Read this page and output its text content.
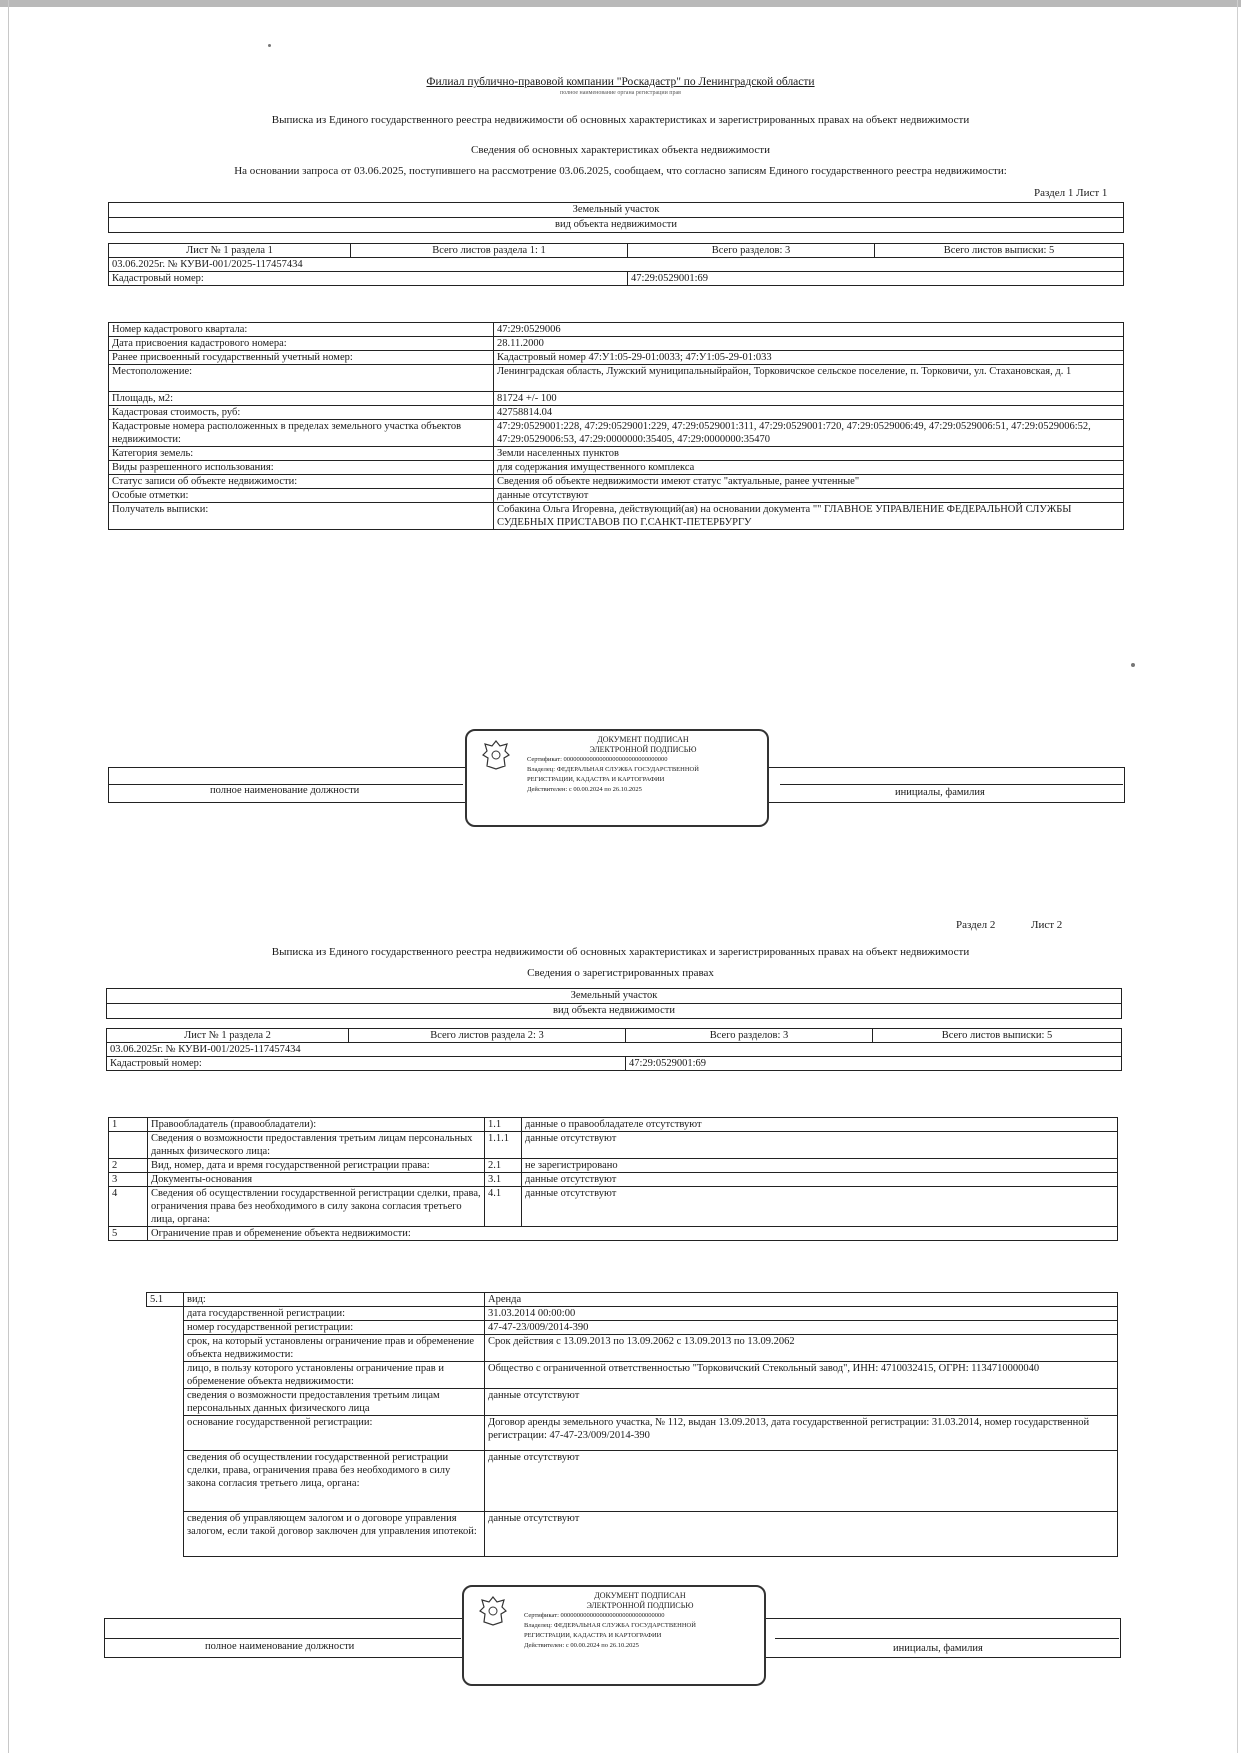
Филиал публично-правовой компании "Роскадастр" по Ленинградской области
полное наименование органа регистрации прав
Выписка из Единого государственного реестра недвижимости об основных характеристиках и зарегистрированных правах на объект недвижимости
Сведения об основных характеристиках объекта недвижимости
На основании запроса от 03.06.2025, поступившего на рассмотрение 03.06.2025, сообщаем, что согласно записям Единого государственного реестра недвижимости:
Раздел 1 Лист 1
Земельный участок
вид объекта недвижимости
Лист № 1 раздела 1	Всего листов раздела 1: 1	Всего разделов: 3	Всего листов выписки: 5
03.06.2025г. № КУВИ-001/2025-117457434			
Кадастровый номер:		47:29:0529001:69	
Номер кадастрового квартала:	47:29:0529006
Дата присвоения кадастрового номера:	28.11.2000
Ранее присвоенный государственный учетный номер:	Кадастровый номер 47:У1:05-29-01:0033; 47:У1:05-29-01:033
Местоположение:	Ленинградская область, Лужский муниципальныйрайон, Торковичское сельское поселение, п. Торковичи, ул. Стахановская, д. 1
Площадь, м2:	81724 +/- 100
Кадастровая стоимость, руб:	42758814.04
Кадастровые номера расположенных в пределах земельного участка объектов недвижимости:	47:29:0529001:228, 47:29:0529001:229, 47:29:0529001:311, 47:29:0529001:720, 47:29:0529006:49, 47:29:0529006:51, 47:29:0529006:52, 47:29:0529006:53, 47:29:0000000:35405, 47:29:0000000:35470
Категория земель:	Земли населенных пунктов
Виды разрешенного использования:	для содержания имущественного комплекса
Статус записи об объекте недвижимости:	Сведения об объекте недвижимости имеют статус "актуальные, ранее учтенные"
Особые отметки:	данные отсутствуют
Получатель выписки:	Собакина Ольга Игоревна, действующий(ая) на основании документа "" ГЛАВНОЕ УПРАВЛЕНИЕ ФЕДЕРАЛЬНОЙ СЛУЖБЫ СУДЕБНЫХ ПРИСТАВОВ ПО Г.САНКТ-ПЕТЕРБУРГУ
полное наименование должности	инициалы, фамилия
ДОКУМЕНТ ПОДПИСАН
ЭЛЕКТРОННОЙ ПОДПИСЬЮ
Сертификат: 00000000000000000000000000000000
Владелец: ФЕДЕРАЛЬНАЯ СЛУЖБА ГОСУДАРСТВЕННОЙ
РЕГИСТРАЦИИ, КАДАСТРА И КАРТОГРАФИИ
Действителен: с 00.00.2024 по 26.10.2025
Раздел 2	Лист 2
Выписка из Единого государственного реестра недвижимости об основных характеристиках и зарегистрированных правах на объект недвижимости
Сведения о зарегистрированных правах
Земельный участок
вид объекта недвижимости
Лист № 1 раздела 2	Всего листов раздела 2: 3	Всего разделов: 3	Всего листов выписки: 5
03.06.2025г. № КУВИ-001/2025-117457434			
Кадастровый номер:		47:29:0529001:69	
1	Правообладатель (правообладатели):	1.1	данные о правообладателе отсутствуют
	Сведения о возможности предоставления третьим лицам персональных данных физического лица:	1.1.1	данные отсутствуют
2	Вид, номер, дата и время государственной регистрации права:	2.1	не зарегистрировано
3	Документы-основания	3.1	данные отсутствуют
4	Сведения об осуществлении государственной регистрации сделки, права, ограничения права без необходимого в силу закона согласия третьего лица, органа:	4.1	данные отсутствуют
5	Ограничение прав и обременение объекта недвижимости:		
	5.1	вид:	Аренда
		дата государственной регистрации:	31.03.2014 00:00:00
		номер государственной регистрации:	47-47-23/009/2014-390
		срок, на который установлены ограничение прав и обременение объекта недвижимости:	Срок действия с 13.09.2013 по 13.09.2062 с 13.09.2013 по 13.09.2062
		лицо, в пользу которого установлены ограничение прав и обременение объекта недвижимости:	Общество с ограниченной ответственностью "Торковичский Стекольный завод", ИНН: 4710032415, ОГРН: 1134710000040
		сведения о возможности предоставления третьим лицам персональных данных физического лица	данные отсутствуют
		основание государственной регистрации:	Договор аренды земельного участка, № 112, выдан 13.09.2013, дата государственной регистрации: 31.03.2014, номер государственной регистрации: 47-47-23/009/2014-390
		сведения об осуществлении государственной регистрации сделки, права, ограничения права без необходимого в силу закона согласия третьего лица, органа:	данные отсутствуют
		сведения об управляющем залогом и о договоре управления залогом, если такой договор заключен для управления ипотекой:	данные отсутствуют
полное наименование должности	инициалы, фамилия
ДОКУМЕНТ ПОДПИСАН
ЭЛЕКТРОННОЙ ПОДПИСЬЮ
Сертификат: 00000000000000000000000000000000
Владелец: ФЕДЕРАЛЬНАЯ СЛУЖБА ГОСУДАРСТВЕННОЙ
РЕГИСТРАЦИИ, КАДАСТРА И КАРТОГРАФИИ
Действителен: с 00.00.2024 по 26.10.2025
